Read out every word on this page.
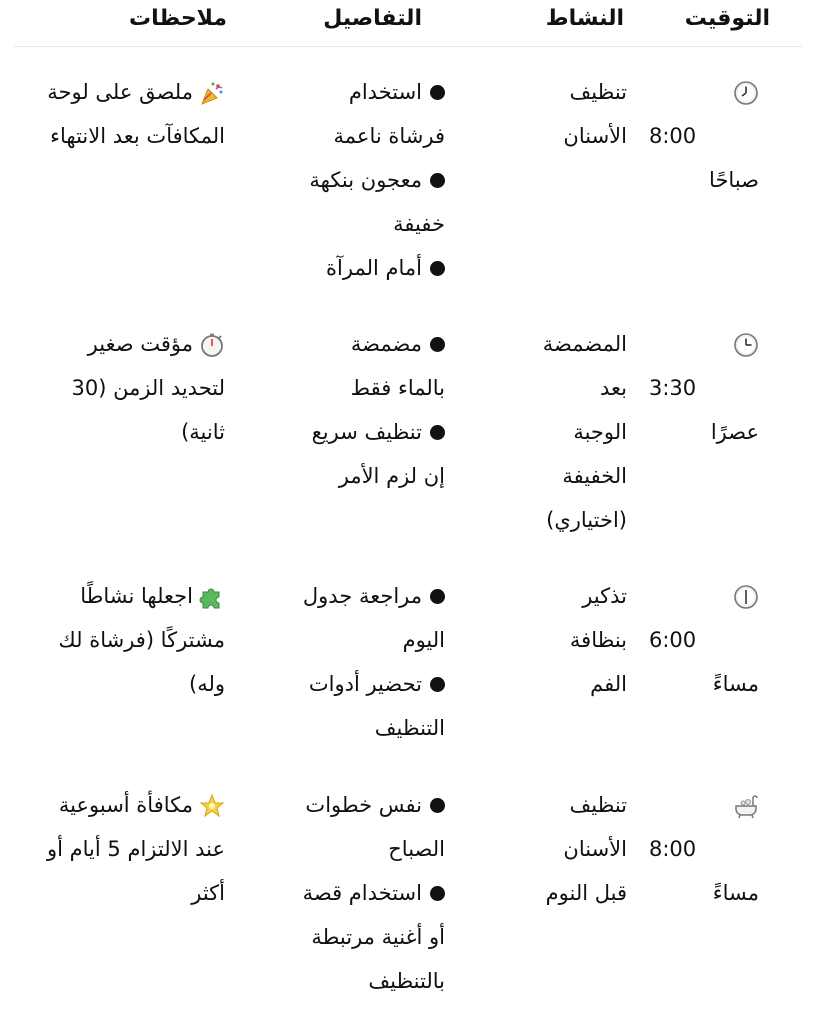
التوقيت
النشاط
التفاصيل
ملاحظات
8:00
صباحًا
تنظيف
الأسنان
استخدام
فرشاة ناعمة
معجون بنكهة
خفيفة
أمام المرآة
ملصق على لوحة
المكافآت بعد الانتهاء
3:30
عصرًا
المضمضة
بعد
الوجبة
الخفيفة
(اختياري)
مضمضة
بالماء فقط
تنظيف سريع
إن لزم الأمر
مؤقت صغير
لتحديد الزمن (30
ثانية)
6:00
مساءً
تذكير
بنظافة
الفم
مراجعة جدول
اليوم
تحضير أدوات
التنظيف
اجعلها نشاطًا
مشتركًا (فرشاة لك
وله)
8:00
مساءً
تنظيف
الأسنان
قبل النوم
نفس خطوات
الصباح
استخدام قصة
أو أغنية مرتبطة
بالتنظيف
مكافأة أسبوعية
عند الالتزام 5 أيام أو
أكثر
